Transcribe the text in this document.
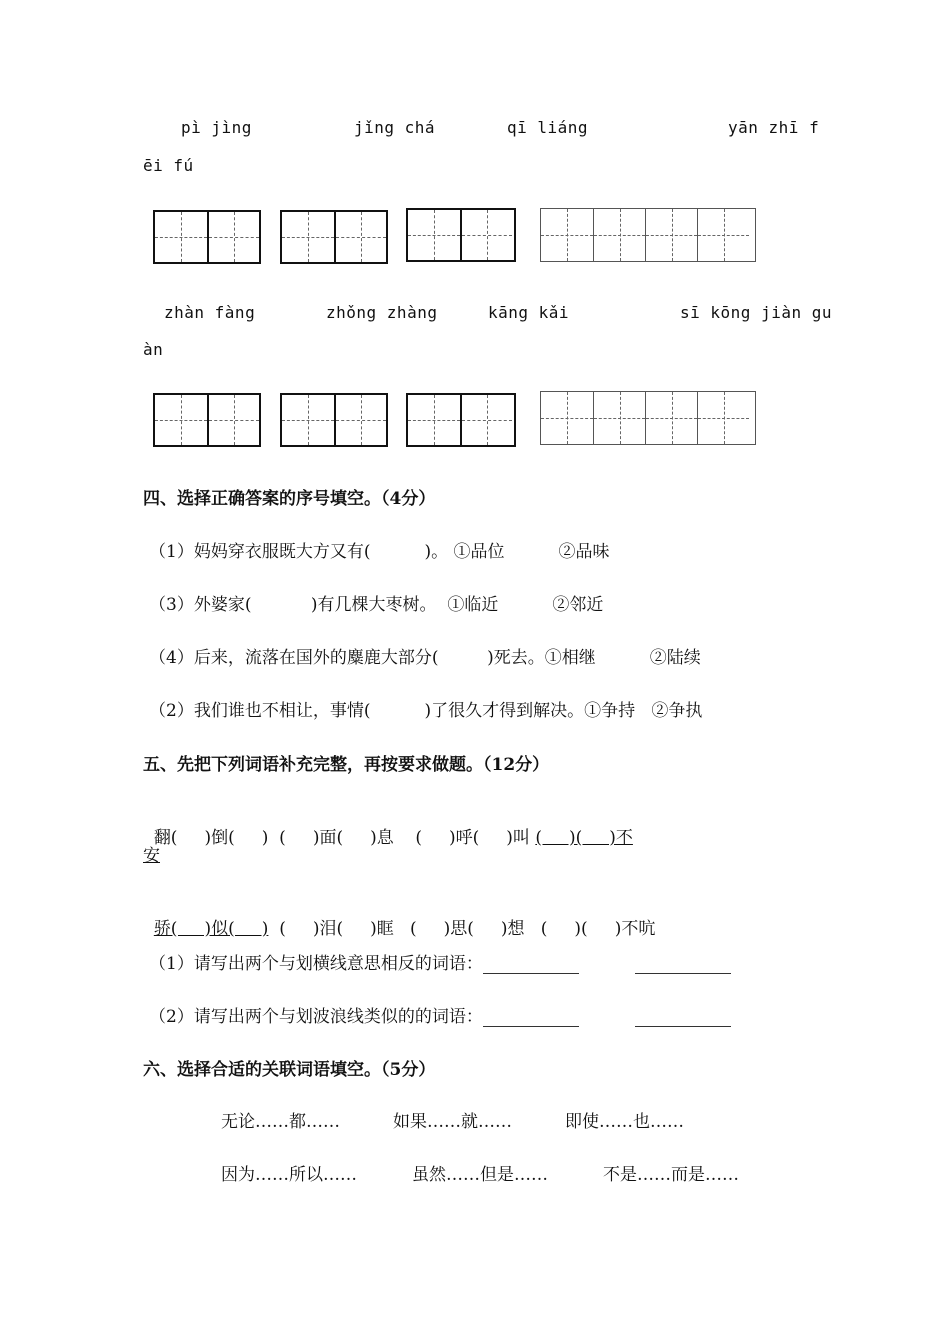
pì jìng	jǐng chá	qī liáng	yān zhī f
ēi fú
zhàn fàng	zhǒng zhàng	kāng kǎi	sī kōng jiàn gu
àn
四、选择正确答案的序号填空。（4分）
（1）妈妈穿衣服既大方又有(          )。 ①品位          ②品味
（3）外婆家(           )有几棵大枣树。  ①临近          ②邻近
（4）后来，流落在国外的麋鹿大部分(         )死去。①相继          ②陆续
（2）我们谁也不相让，事情(          )了很久才得到解决。①争持   ②争执
五、先把下列词语补充完整，再按要求做题。（12分）

翻(     )倒(     )  (     )面(     )息    (     )呼(     )叫 (     )(     )不

安

骄(     )似(     )  (     )泪(     )眶   (     )思(     )想   (     )(     )不吭

（1）请写出两个与划横线意思相反的词语：
（2）请写出两个与划波浪线类似的的词语：
六、选择合适的关联词语填空。（5分）
无论……都……	如果……就……	即使……也……
因为……所以……	虽然……但是……	不是……而是……
